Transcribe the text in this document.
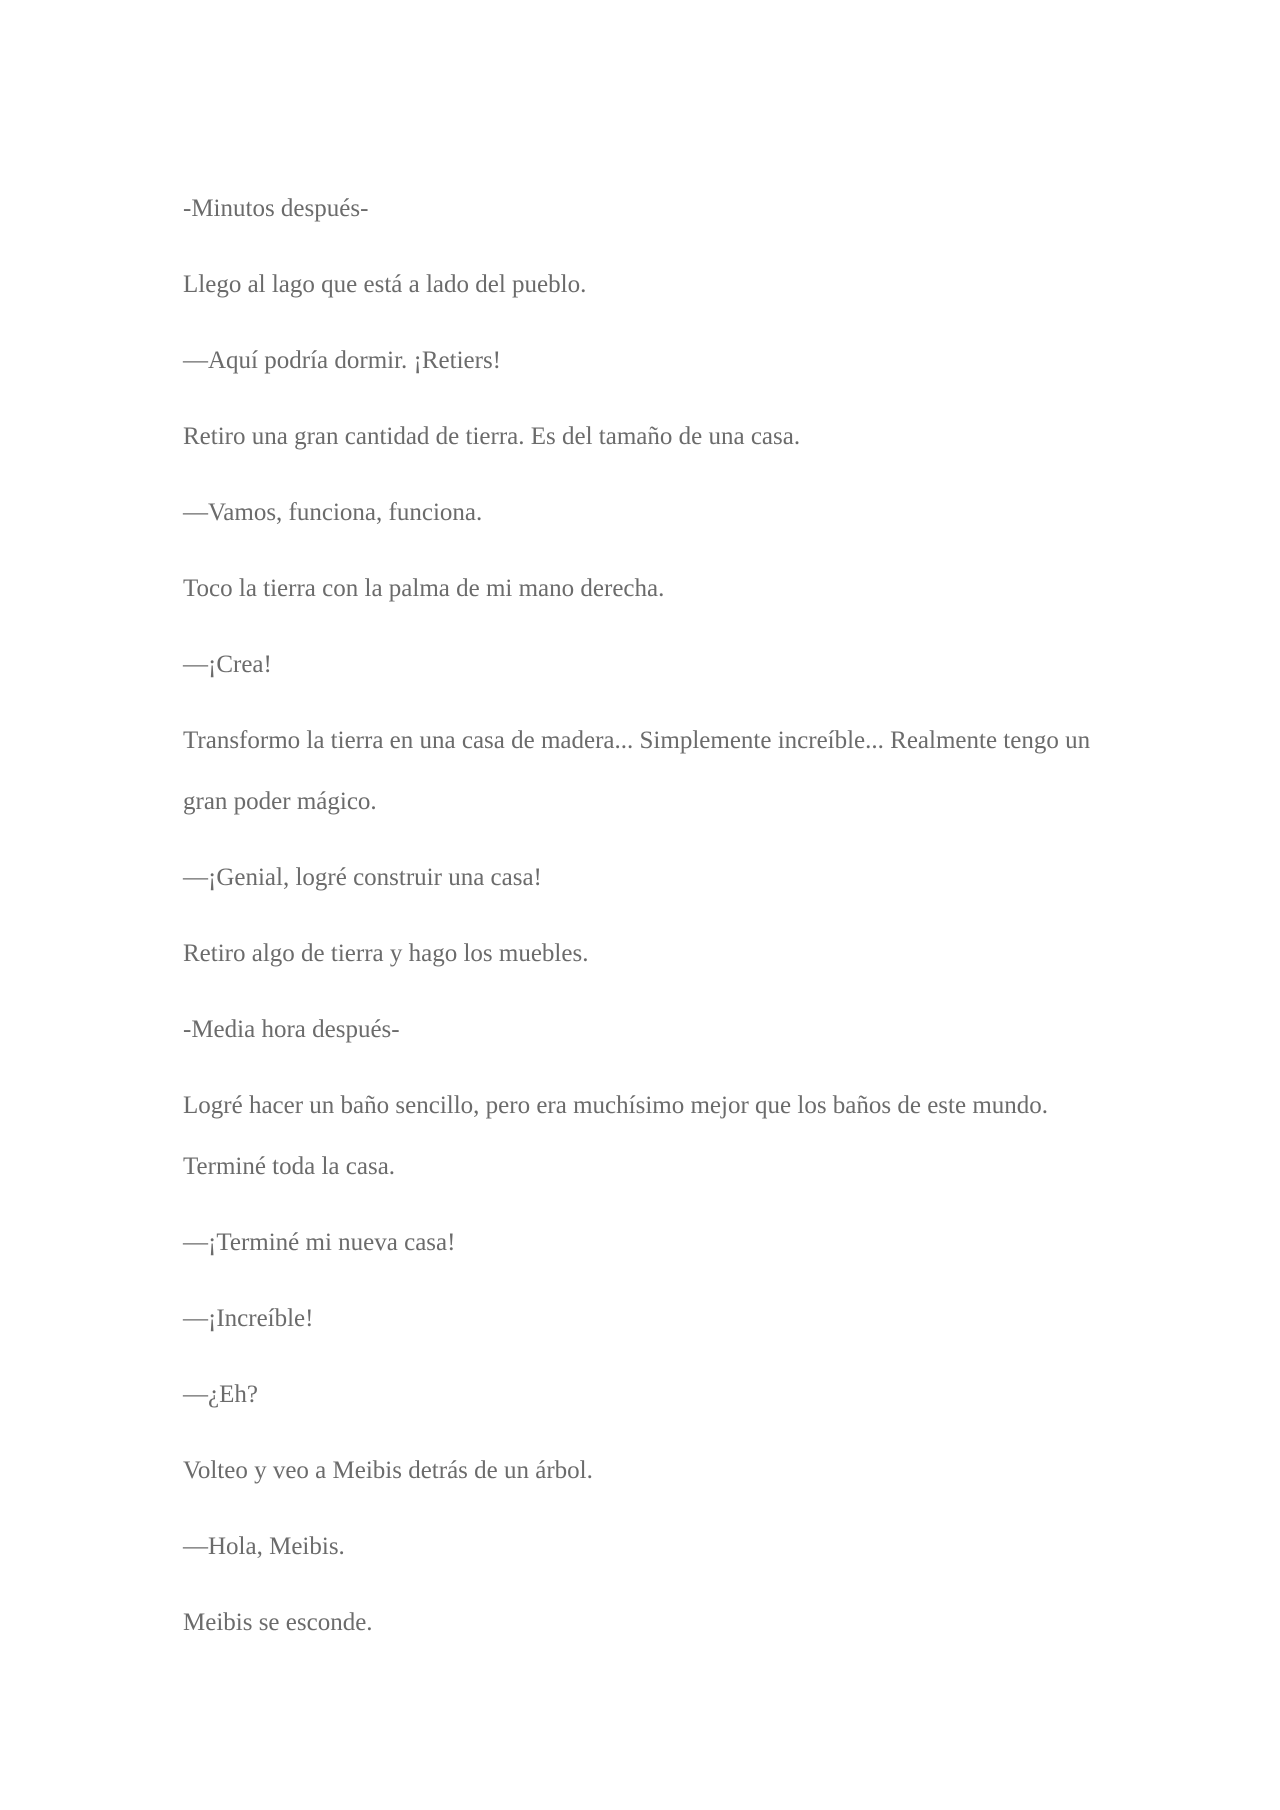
-Minutos después-

Llego al lago que está a lado del pueblo.

—Aquí podría dormir. ¡Retiers!

Retiro una gran cantidad de tierra. Es del tamaño de una casa.

—Vamos, funciona, funciona.

Toco la tierra con la palma de mi mano derecha.

—¡Crea!

Transformo la tierra en una casa de madera... Simplemente increíble... Realmente tengo un gran poder mágico.

—¡Genial, logré construir una casa!

Retiro algo de tierra y hago los muebles.

-Media hora después-

Logré hacer un baño sencillo, pero era muchísimo mejor que los baños de este mundo. Terminé toda la casa.

—¡Terminé mi nueva casa!

—¡Increíble!

—¿Eh?

Volteo y veo a Meibis detrás de un árbol.

—Hola, Meibis.

Meibis se esconde.
